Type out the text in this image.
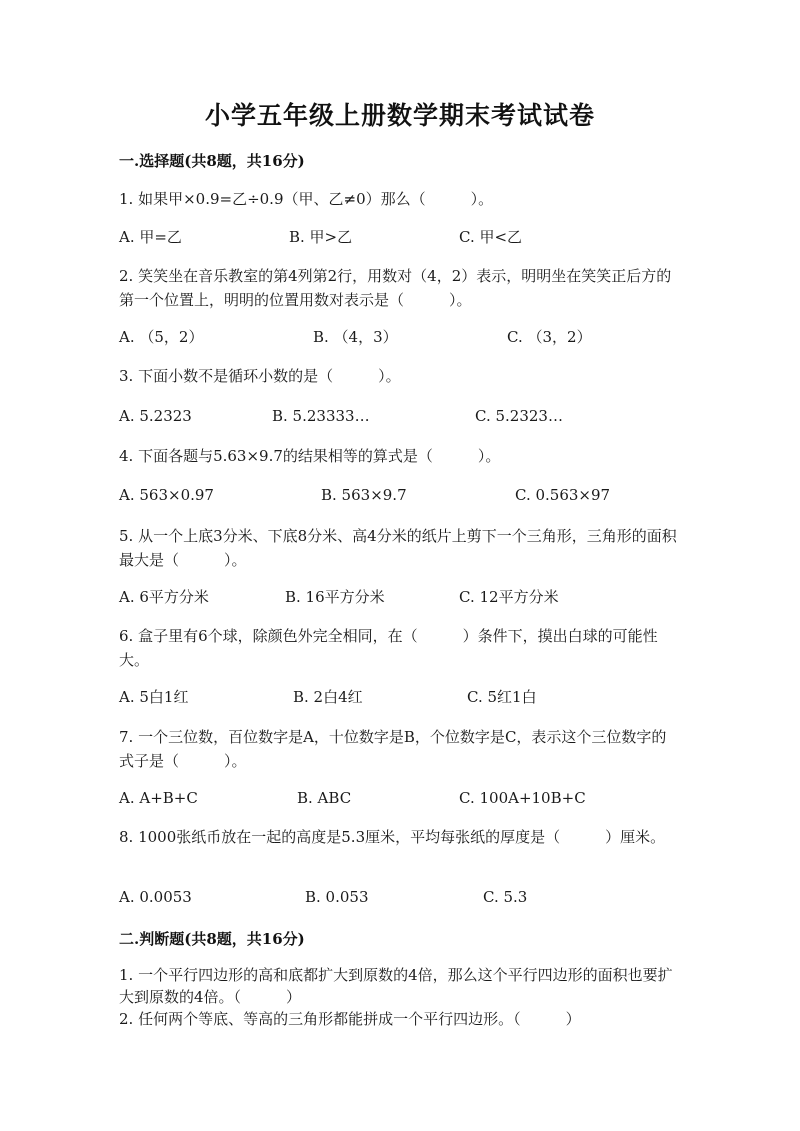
小学五年级上册数学期末考试试卷
一.选择题(共8题，共16分)
1. 如果甲×0.9=乙÷0.9（甲、乙≠0）那么（　　　）。
A. 甲=乙	B. 甲>乙	C. 甲<乙
2. 笑笑坐在音乐教室的第4列第2行，用数对（4，2）表示，明明坐在笑笑正后方的第一个位置上，明明的位置用数对表示是（　　　）。
A. （5，2）	B. （4，3）	C. （3，2）
3. 下面小数不是循环小数的是（　　　）。
A. 5.2323	B. 5.23333…	C. 5.2323…
4. 下面各题与5.63×9.7的结果相等的算式是（　　　）。
A. 563×0.97	B. 563×9.7	C. 0.563×97
5. 从一个上底3分米、下底8分米、高4分米的纸片上剪下一个三角形，三角形的面积最大是（　　　）。
A. 6平方分米	B. 16平方分米	C. 12平方分米
6. 盒子里有6个球，除颜色外完全相同，在（　　　）条件下，摸出白球的可能性大。
A. 5白1红	B. 2白4红	C. 5红1白
7. 一个三位数，百位数字是A，十位数字是B，个位数字是C，表示这个三位数字的式子是（　　　）。
A. A+B+C	B. ABC	C. 100A+10B+C
8. 1000张纸币放在一起的高度是5.3厘米，平均每张纸的厚度是（　　　）厘米。
A. 0.0053	B. 0.053	C. 5.3
二.判断题(共8题，共16分)
1. 一个平行四边形的高和底都扩大到原数的4倍，那么这个平行四边形的面积也要扩大到原数的4倍。（　　　）
2. 任何两个等底、等高的三角形都能拼成一个平行四边形。（　　　）
